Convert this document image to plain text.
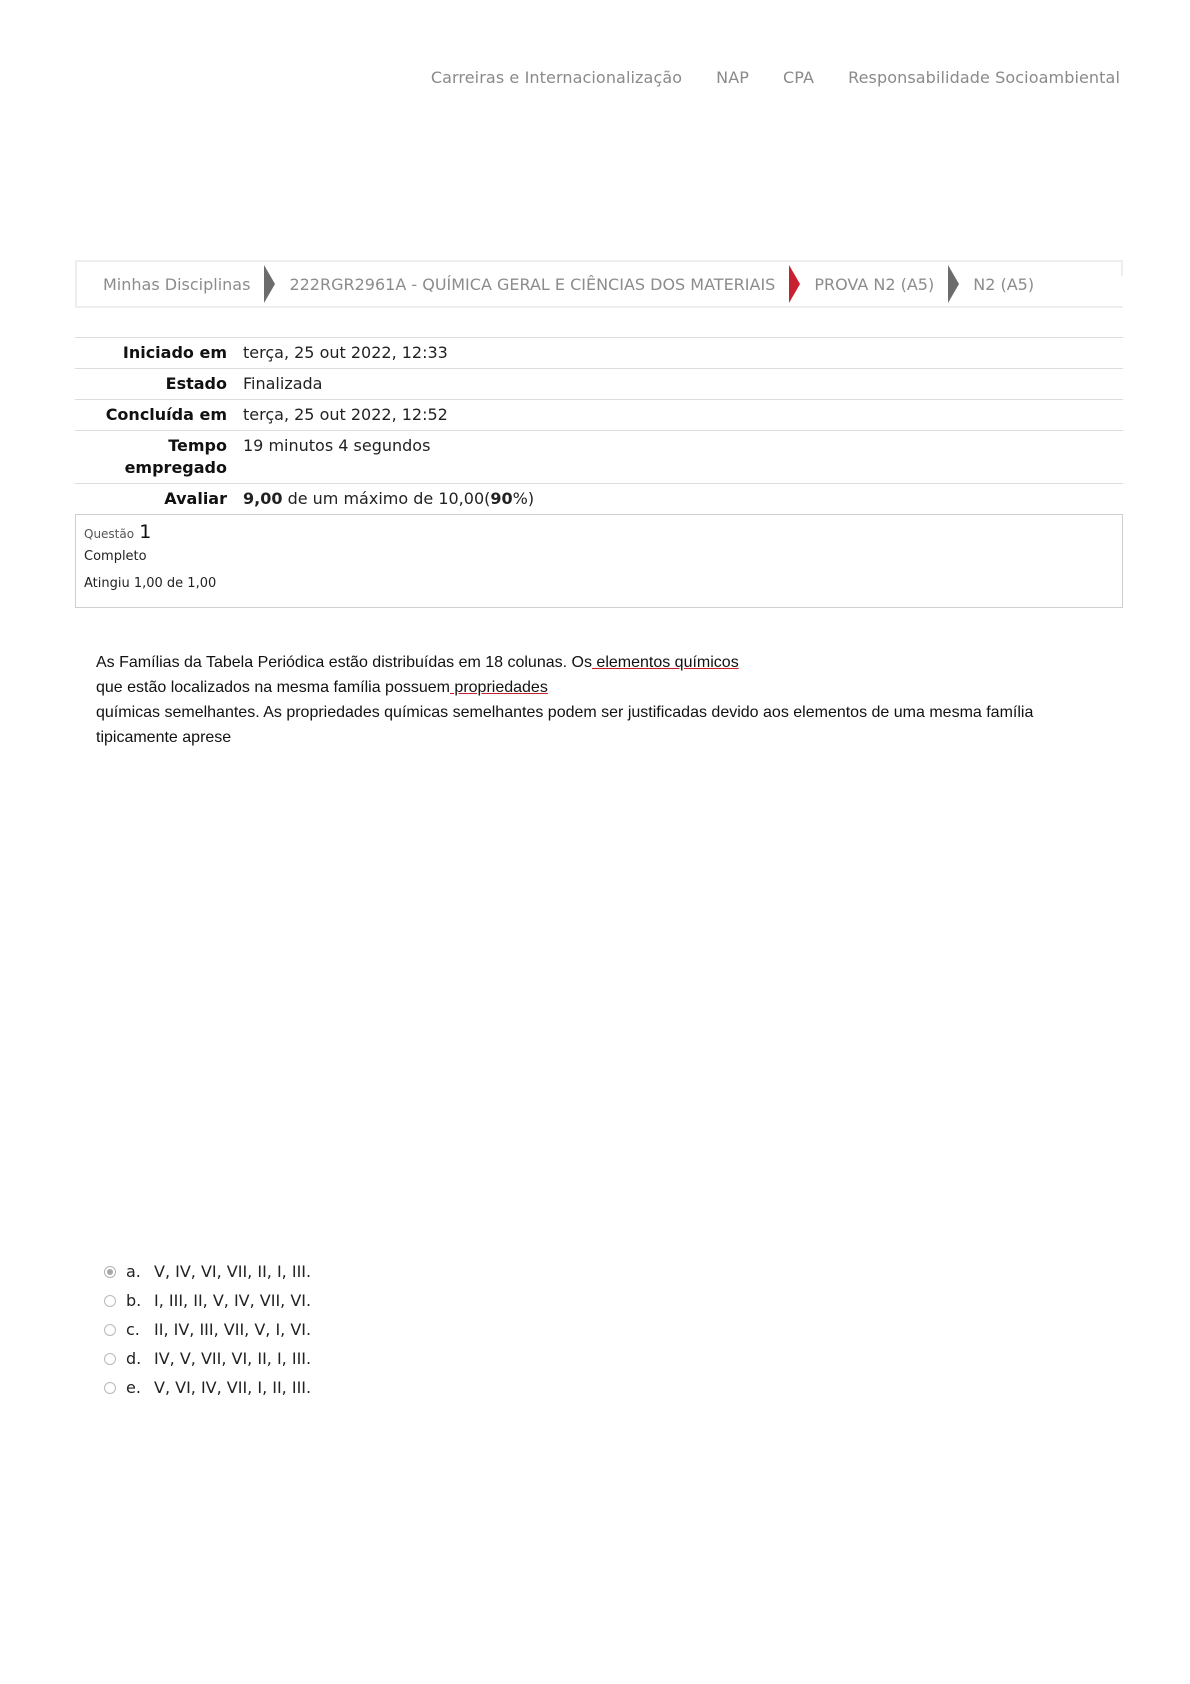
Carreiras e Internacionalização NAP CPA Responsabilidade Socioambiental
Minhas Disciplinas 222RGR2961A - QUÍMICA GERAL E CIÊNCIAS DOS MATERIAIS PROVA N2 (A5) N2 (A5)
Iniciado em	terça, 25 out 2022, 12:33
Estado	Finalizada
Concluída em	terça, 25 out 2022, 12:52
Tempo
empregado	19 minutos 4 segundos
Avaliar	9,00 de um máximo de 10,00(90%)
Questão 1
Completo
Atingiu 1,00 de 1,00
As Famílias da Tabela Periódica estão distribuídas em 18 colunas. Os elementos químicos
que estão localizados na mesma família possuem propriedades
químicas semelhantes. As propriedades químicas semelhantes podem ser justificadas devido aos elementos de uma mesma família
tipicamente aprese
a. V, IV, VI, VII, II, I, III.
b. I, III, II, V, IV, VII, VI.
c. II, IV, III, VII, V, I, VI.
d. IV, V, VII, VI, II, I, III.
e. V, VI, IV, VII, I, II, III.
